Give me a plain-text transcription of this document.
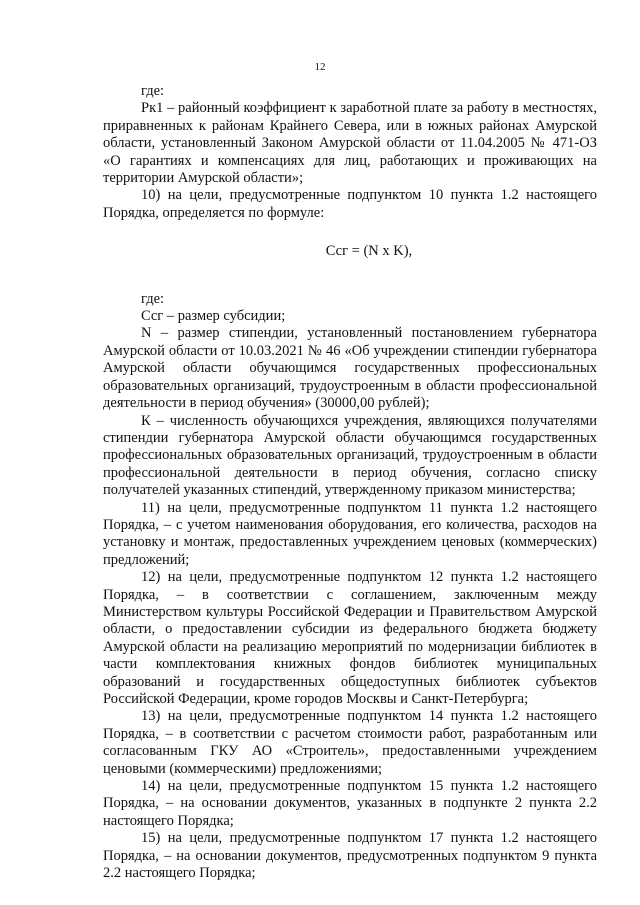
12

где:

Рк1 – районный коэффициент к заработной плате за работу в местностях, приравненных к районам Крайнего Севера, или в южных районах Амурской области, установленный Законом Амурской области от 11.04.2005 № 471-ОЗ «О гарантиях и компенсациях для лиц, работающих и проживающих на территории Амурской области»;

10) на цели, предусмотренные подпунктом 10 пункта 1.2 настоящего Порядка, определяется по формуле:

Ссг = (N x K),

где:

Ссг – размер субсидии;

N – размер стипендии, установленный постановлением губернатора Амурской области от 10.03.2021 № 46 «Об учреждении стипендии губернатора Амурской области обучающимся государственных профессиональных образовательных организаций, трудоустроенным в области профессиональной деятельности в период обучения» (30000,00 рублей);

К – численность обучающихся учреждения, являющихся получателями стипендии губернатора Амурской области обучающимся государственных профессиональных образовательных организаций, трудоустроенным в области профессиональной деятельности в период обучения, согласно списку получателей указанных стипендий, утвержденному приказом министерства;

11) на цели, предусмотренные подпунктом 11 пункта 1.2 настоящего Порядка, – с учетом наименования оборудования, его количества, расходов на установку и монтаж, предоставленных учреждением ценовых (коммерческих) предложений;

12) на цели, предусмотренные подпунктом 12 пункта 1.2 настоящего Порядка, – в соответствии с соглашением, заключенным между Министерством культуры Российской Федерации и Правительством Амурской области, о предоставлении субсидии из федерального бюджета бюджету Амурской области на реализацию мероприятий по модернизации библиотек в части комплектования книжных фондов библиотек муниципальных образований и государственных общедоступных библиотек субъектов Российской Федерации, кроме городов Москвы и Санкт-Петербурга;

13) на цели, предусмотренные подпунктом 14 пункта 1.2 настоящего Порядка, – в соответствии с расчетом стоимости работ, разработанным или согласованным ГКУ АО «Строитель», предоставленными учреждением ценовыми (коммерческими) предложениями;

14) на цели, предусмотренные подпунктом 15 пункта 1.2 настоящего Порядка, – на основании документов, указанных в подпункте 2 пункта 2.2 настоящего Порядка;

15) на цели, предусмотренные подпунктом 17 пункта 1.2 настоящего Порядка, – на основании документов, предусмотренных подпунктом 9 пункта 2.2 настоящего Порядка;
